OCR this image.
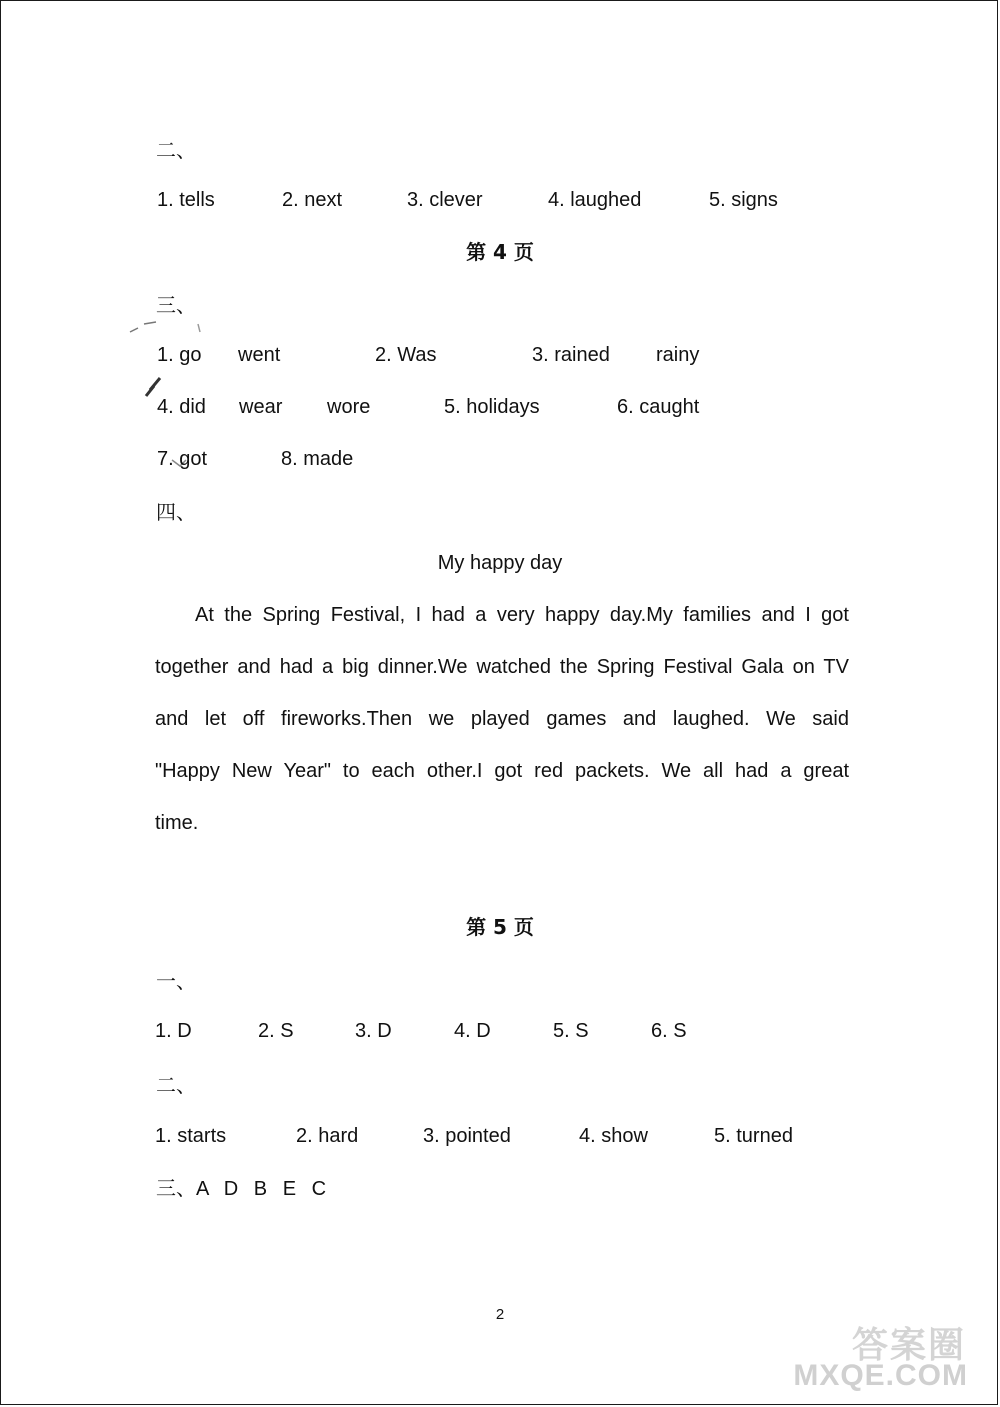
二、
1. tells	2. next	3. clever	4. laughed	5. signs
第 4 页
三、
1. go went	2. Was	3. rained rainy
4. did wear wore	5. holidays	6. caught
7. got	8. made
四、
My happy day
At the Spring Festival, I had a very happy day.My families and I got
together and had a big dinner.We watched the Spring Festival Gala on TV
and let off fireworks.Then we played games and laughed. We said
"Happy New Year" to each other.I got red packets. We all had a great
time.
第 5 页
一、
1. D	2. S	3. D	4. D	5. S	6. S
二、
1. starts	2. hard	3. pointed	4. show	5. turned
三、A D B E C
2
答案圈
MXQE.COM
